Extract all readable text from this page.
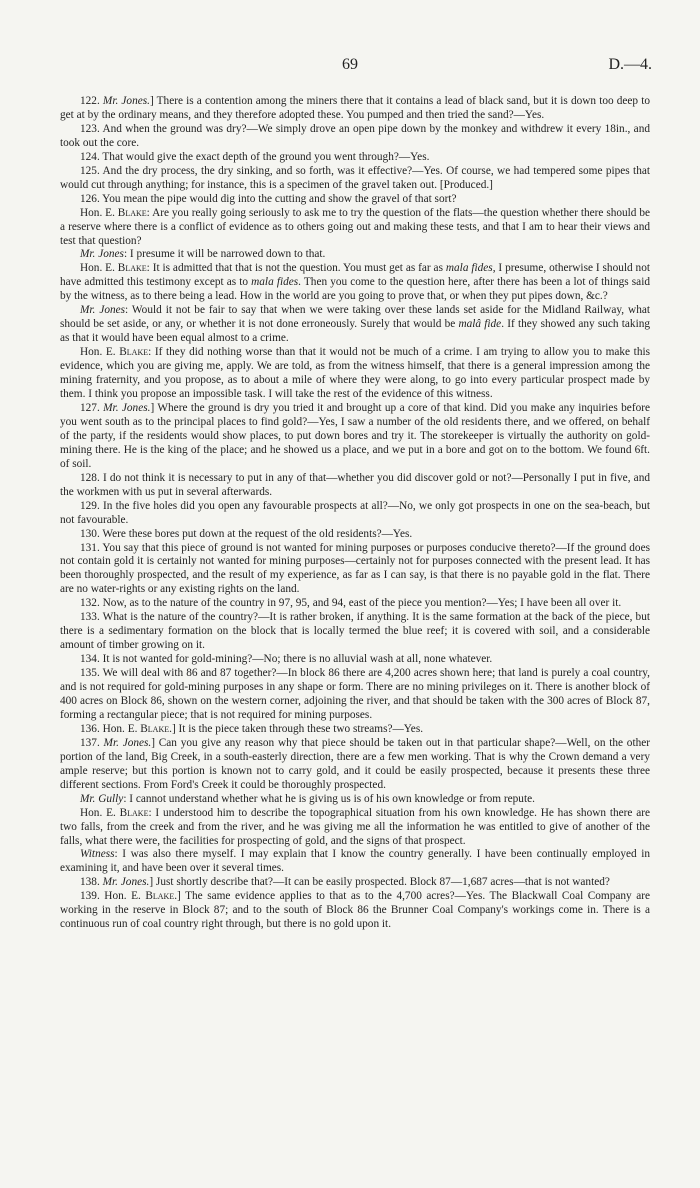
69	D.—4.

122. Mr. Jones.] There is a contention among the miners there that it contains a lead of black sand, but it is down too deep to get at by the ordinary means, and they therefore adopted these. You pumped and then tried the sand?—Yes.

123. And when the ground was dry?—We simply drove an open pipe down by the monkey and withdrew it every 18in., and took out the core.

124. That would give the exact depth of the ground you went through?—Yes.

125. And the dry process, the dry sinking, and so forth, was it effective?—Yes. Of course, we had tempered some pipes that would cut through anything; for instance, this is a specimen of the gravel taken out. [Produced.]

126. You mean the pipe would dig into the cutting and show the gravel of that sort?

Hon. E. Blake: Are you really going seriously to ask me to try the question of the flats—the question whether there should be a reserve where there is a conflict of evidence as to others going out and making these tests, and that I am to hear their views and test that question?

Mr. Jones: I presume it will be narrowed down to that.

Hon. E. Blake: It is admitted that that is not the question. You must get as far as mala fides, I presume, otherwise I should not have admitted this testimony except as to mala fides. Then you come to the question here, after there has been a lot of things said by the witness, as to there being a lead. How in the world are you going to prove that, or when they put pipes down, &c.?

Mr. Jones: Would it not be fair to say that when we were taking over these lands set aside for the Midland Railway, what should be set aside, or any, or whether it is not done erroneously. Surely that would be malâ fide. If they showed any such taking as that it would have been equal almost to a crime.

Hon. E. Blake: If they did nothing worse than that it would not be much of a crime. I am trying to allow you to make this evidence, which you are giving me, apply. We are told, as from the witness himself, that there is a general impression among the mining fraternity, and you propose, as to about a mile of where they were along, to go into every particular prospect made by them. I think you propose an impossible task. I will take the rest of the evidence of this witness.

127. Mr. Jones.] Where the ground is dry you tried it and brought up a core of that kind. Did you make any inquiries before you went south as to the principal places to find gold?—Yes, I saw a number of the old residents there, and we offered, on behalf of the party, if the residents would show places, to put down bores and try it. The storekeeper is virtually the authority on gold-mining there. He is the king of the place; and he showed us a place, and we put in a bore and got on to the bottom. We found 6ft. of soil.

128. I do not think it is necessary to put in any of that—whether you did discover gold or not?—Personally I put in five, and the workmen with us put in several afterwards.

129. In the five holes did you open any favourable prospects at all?—No, we only got prospects in one on the sea-beach, but not favourable.

130. Were these bores put down at the request of the old residents?—Yes.

131. You say that this piece of ground is not wanted for mining purposes or purposes conducive thereto?—If the ground does not contain gold it is certainly not wanted for mining purposes—certainly not for purposes connected with the present lead. It has been thoroughly prospected, and the result of my experience, as far as I can say, is that there is no payable gold in the flat. There are no water-rights or any existing rights on the land.

132. Now, as to the nature of the country in 97, 95, and 94, east of the piece you mention?—Yes; I have been all over it.

133. What is the nature of the country?—It is rather broken, if anything. It is the same formation at the back of the piece, but there is a sedimentary formation on the block that is locally termed the blue reef; it is covered with soil, and a considerable amount of timber growing on it.

134. It is not wanted for gold-mining?—No; there is no alluvial wash at all, none whatever.

135. We will deal with 86 and 87 together?—In block 86 there are 4,200 acres shown here; that land is purely a coal country, and is not required for gold-mining purposes in any shape or form. There are no mining privileges on it. There is another block of 400 acres on Block 86, shown on the western corner, adjoining the river, and that should be taken with the 300 acres of Block 87, forming a rectangular piece; that is not required for mining purposes.

136. Hon. E. Blake.] It is the piece taken through these two streams?—Yes.

137. Mr. Jones.] Can you give any reason why that piece should be taken out in that particular shape?—Well, on the other portion of the land, Big Creek, in a south-easterly direction, there are a few men working. That is why the Crown demand a very ample reserve; but this portion is known not to carry gold, and it could be easily prospected, because it presents these three different sections. From Ford's Creek it could be thoroughly prospected.

Mr. Gully: I cannot understand whether what he is giving us is of his own knowledge or from repute.

Hon. E. Blake: I understood him to describe the topographical situation from his own knowledge. He has shown there are two falls, from the creek and from the river, and he was giving me all the information he was entitled to give of another of the falls, what there were, the facilities for prospecting of gold, and the signs of that prospect.

Witness: I was also there myself. I may explain that I know the country generally. I have been continually employed in examining it, and have been over it several times.

138. Mr. Jones.] Just shortly describe that?—It can be easily prospected. Block 87—1,687 acres—that is not wanted?

139. Hon. E. Blake.] The same evidence applies to that as to the 4,700 acres?—Yes. The Blackwall Coal Company are working in the reserve in Block 87; and to the south of Block 86 the Brunner Coal Company's workings come in. There is a continuous run of coal country right through, but there is no gold upon it.
